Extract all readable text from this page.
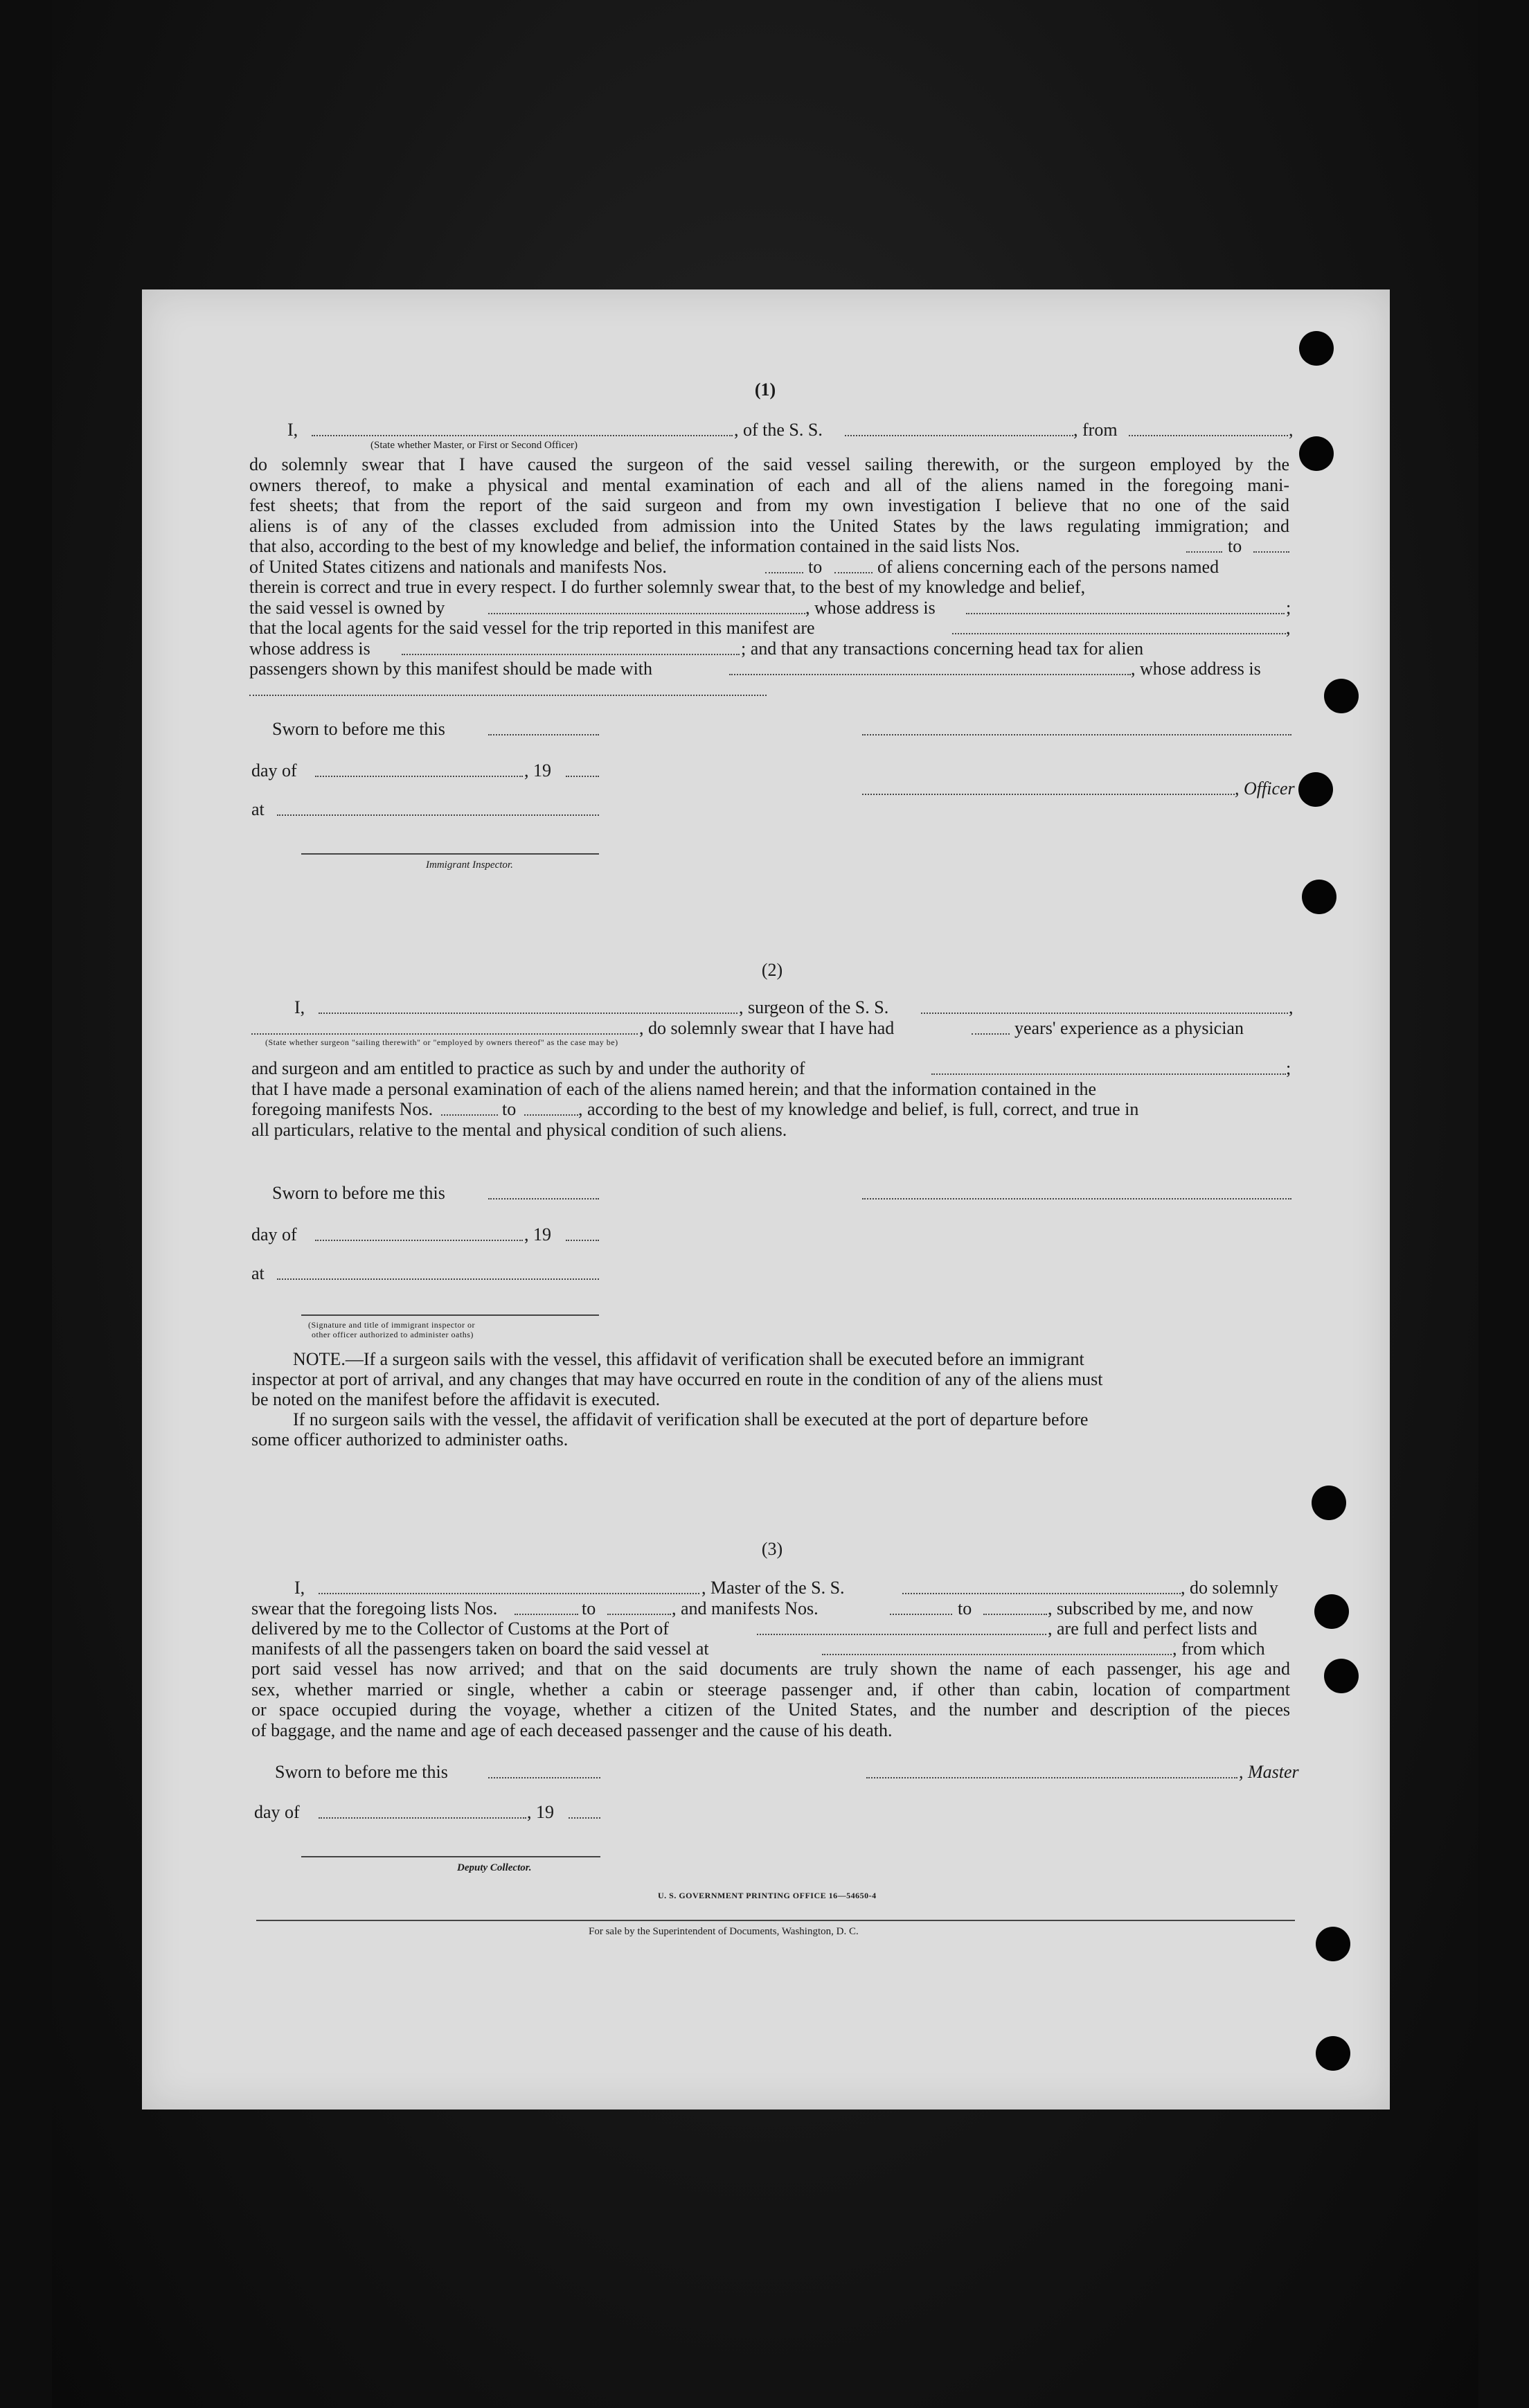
(1)
I,
(State whether Master, or First or Second Officer)
, of the S. S.	, from	,
do solemnly swear that I have caused the surgeon of the said vessel sailing therewith, or the surgeon employed by the
owners thereof, to make a physical and mental examination of each and all of the aliens named in the foregoing mani-
fest sheets; that from the report of the said surgeon and from my own investigation I believe that no one of the said
aliens is of any of the classes excluded from admission into the United States by the laws regulating immigration; and
that also, according to the best of my knowledge and belief, the information contained in the said lists Nos.	to
of United States citizens and nationals and manifests Nos.	to	of aliens concerning each of the persons named
therein is correct and true in every respect. I do further solemnly swear that, to the best of my knowledge and belief,
the said vessel is owned by	, whose address is	;
that the local agents for the said vessel for the trip reported in this manifest are	,
whose address is	; and that any transactions concerning head tax for alien
passengers shown by this manifest should be made with	, whose address is
Sworn to before me this
day of	, 19
, Officer
at
Immigrant Inspector.
(2)
I,	, surgeon of the S. S.	,
, do solemnly swear that I have had	years' experience as a physician
(State whether surgeon "sailing therewith" or "employed by owners thereof" as the case may be)
and surgeon and am entitled to practice as such by and under the authority of	;
that I have made a personal examination of each of the aliens named herein; and that the information contained in the
foregoing manifests Nos.	to	, according to the best of my knowledge and belief, is full, correct, and true in
all particulars, relative to the mental and physical condition of such aliens.
Sworn to before me this
day of	, 19
at
(Signature and title of immigrant inspector or
other officer authorized to administer oaths)
NOTE.—If a surgeon sails with the vessel, this affidavit of verification shall be executed before an immigrant
inspector at port of arrival, and any changes that may have occurred en route in the condition of any of the aliens must
be noted on the manifest before the affidavit is executed.
If no surgeon sails with the vessel, the affidavit of verification shall be executed at the port of departure before
some officer authorized to administer oaths.
(3)
I,	, Master of the S. S.	, do solemnly
swear that the foregoing lists Nos.	to	, and manifests Nos.	to	, subscribed by me, and now
delivered by me to the Collector of Customs at the Port of	, are full and perfect lists and
manifests of all the passengers taken on board the said vessel at	, from which
port said vessel has now arrived; and that on the said documents are truly shown the name of each passenger, his age and
sex, whether married or single, whether a cabin or steerage passenger and, if other than cabin, location of compartment
or space occupied during the voyage, whether a citizen of the United States, and the number and description of the pieces
of baggage, and the name and age of each deceased passenger and the cause of his death.
Sworn to before me this	, Master
day of	, 19
Deputy Collector.
U. S. GOVERNMENT PRINTING OFFICE 16—54650-4
For sale by the Superintendent of Documents, Washington, D. C.
